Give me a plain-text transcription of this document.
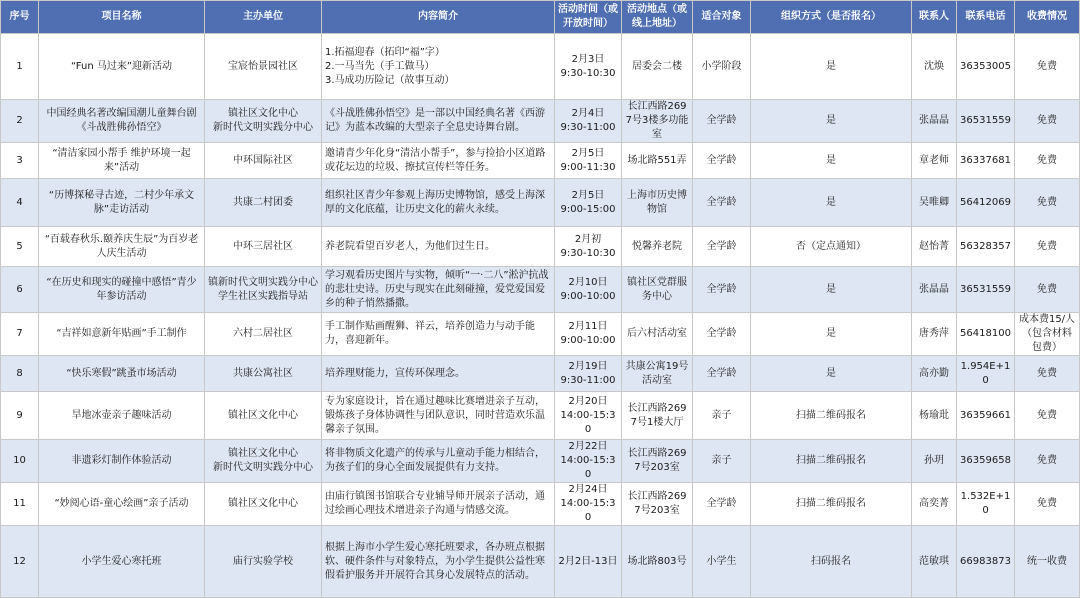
序号	项目名称	主办单位	内容简介	活动时间（或开放时间）	活动地点（或线上地址）	适合对象	组织方式（是否报名）	联系人	联系电话	收费情况
1	“Fun 马过来”迎新活动	宝宸怡景园社区	1.拓福迎春（拓印“福”字）
2.一马当先（手工做马）
3.马成功历险记（故事互动）	2月3日
9:30-10:30	居委会二楼	小学阶段	是	沈焕	36353005	免费
2	中国经典名著改编国潮儿童舞台剧《斗战胜佛孙悟空》	镇社区文化中心
新时代文明实践分中心	《斗战胜佛孙悟空》是一部以中国经典名著《西游记》为蓝本改编的大型亲子全息史诗舞台剧。	2月4日
9:30-11:00	长江西路2697号3楼多功能室	全学龄	是	张晶晶	36531559	免费
3	“清洁家园小帮手 维护环境一起来”活动	中环国际社区	邀请青少年化身“清洁小帮手”，参与捡拾小区道路或花坛边的垃圾、擦拭宣传栏等任务。	2月5日
9:00-11:30	场北路551弄	全学龄	是	章老师	36337681	免费
4	“历博探秘寻古迹，二村少年承文脉”走访活动	共康二村团委	组织社区青少年参观上海历史博物馆，感受上海深厚的文化底蕴，让历史文化的薪火永续。	2月5日
9:00-15:00	上海市历史博物馆	全学龄	是	吴唯卿	56412069	免费
5	“百载春秋乐.颐养庆生辰”为百岁老人庆生活动	中环三居社区	养老院看望百岁老人，为他们过生日。	2月初
9:30-10:30	悦馨养老院	全学龄	否（定点通知）	赵怡菁	56328357	免费
6	“在历史和现实的碰撞中感悟”青少年参访活动	镇新时代文明实践分中心
学生社区实践指导站	学习观看历史图片与实物，倾听“一·二八”淞沪抗战的悲壮史诗。历史与现实在此刻碰撞，爱党爱国爱乡的种子悄然播撒。	2月10日
9:00-10:00	镇社区党群服务中心	全学龄	是	张晶晶	36531559	免费
7	“吉祥如意新年贴画”手工制作	六村二居社区	手工制作贴画醒狮、祥云，培养创造力与动手能力，喜迎新年。	2月11日
9:00-10:00	后六村活动室	全学龄	是	唐秀萍	56418100	成本费15/人
（包含材料包费）
8	“快乐寒假”跳蚤市场活动	共康公寓社区	培养理财能力，宣传环保理念。	2月19日
9:30-11:00	共康公寓19号活动室	全学龄	是	高亦勤	1.954E+10	免费
9	旱地冰壶亲子趣味活动	镇社区文化中心	专为家庭设计，旨在通过趣味比赛增进亲子互动，锻炼孩子身体协调性与团队意识，同时营造欢乐温馨亲子氛围。	2月20日
14:00-15:30	长江西路2697号1楼大厅	亲子	扫描二维码报名	杨瑜玭	36359661	免费
10	非遗彩灯制作体验活动	镇社区文化中心
新时代文明实践分中心	将非物质文化遗产的传承与儿童动手能力相结合，为孩子们的身心全面发展提供有力支持。	2月22日
14:00-15:30	长江西路2697号203室	亲子	扫描二维码报名	孙玥	36359658	免费
11	“妙阅心语-童心绘画”亲子活动	镇社区文化中心	由庙行镇图书馆联合专业辅导师开展亲子活动，通过绘画心理技术增进亲子沟通与情感交流。	2月24日
14:00-15:30	长江西路2697号203室	全学龄	扫描二维码报名	高奕菁	1.532E+10	免费
12	小学生爱心寒托班	庙行实验学校	根据上海市小学生爱心寒托班要求，各办班点根据软、硬件条件与对象特点，为小学生提供公益性寒假看护服务并开展符合其身心发展特点的活动。	2月2日-13日	场北路803号	小学生	扫码报名	范敏琪	66983873	统一收费
